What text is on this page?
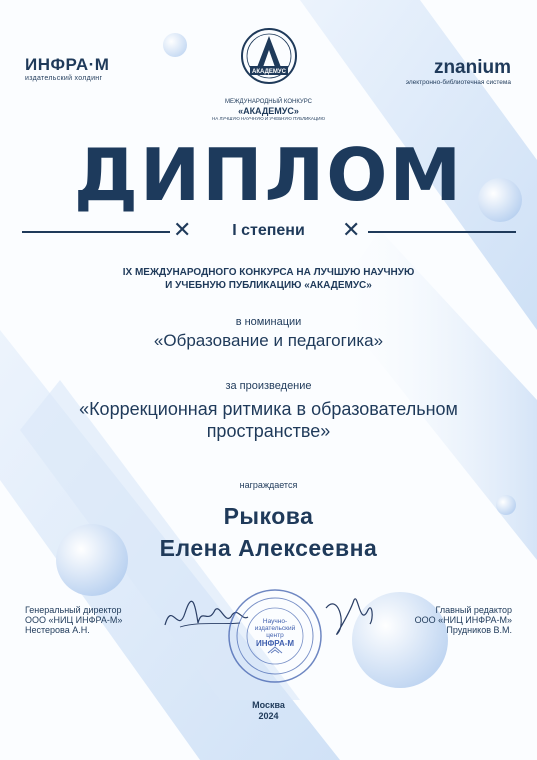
ИНФРА·М
издательский холдинг
znanium
электронно-библиотечная система
АКАДЕМУС
МЕЖДУНАРОДНЫЙ КОНКУРС
«АКАДЕМУС»
НА ЛУЧШУЮ НАУЧНУЮ И УЧЕБНУЮ ПУБЛИКАЦИЮ
ДИПЛОМ
✕	I степени	✕
IX МЕЖДУНАРОДНОГО КОНКУРСА НА ЛУЧШУЮ НАУЧНУЮ
И УЧЕБНУЮ ПУБЛИКАЦИЮ «АКАДЕМУС»
в номинации
«Образование и педагогика»
за произведение
«Коррекционная ритмика в образовательном
пространстве»
награждается
Рыкова
Елена Алексеевна
Генеральный директор
ООО «НИЦ ИНФРА-М»
Нестерова А.Н.
Главный редактор
ООО «НИЦ ИНФРА-М»
Прудников В.М.
Научно-
издательский
центр
ИНФРА-М
Москва
2024
